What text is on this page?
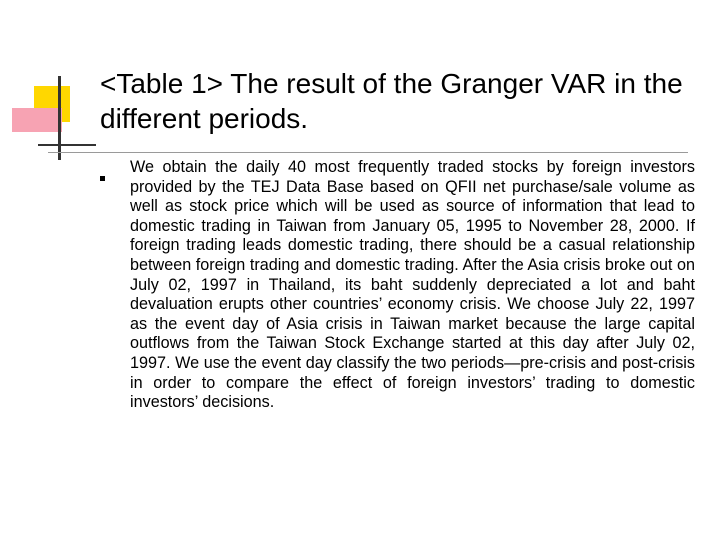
<Table 1> The result of the Granger VAR in the different periods.

We obtain the daily 40 most frequently traded stocks by foreign investors provided by the TEJ Data Base based on QFII net purchase/sale volume as well as stock price which will be used as source of information that lead to domestic trading in Taiwan from January 05, 1995 to November 28, 2000. If foreign trading leads domestic trading, there should be a casual relationship between foreign trading and domestic trading. After the Asia crisis broke out on July 02, 1997 in Thailand, its baht suddenly depreciated a lot and baht devaluation erupts other countries’ economy crisis. We choose July 22, 1997 as the event day of Asia crisis in Taiwan market because the large capital outflows from the Taiwan Stock Exchange started at this day after July 02, 1997. We use the event day classify the two periods—pre-crisis and post-crisis in order to compare the effect of foreign investors’ trading to domestic investors’ decisions.
